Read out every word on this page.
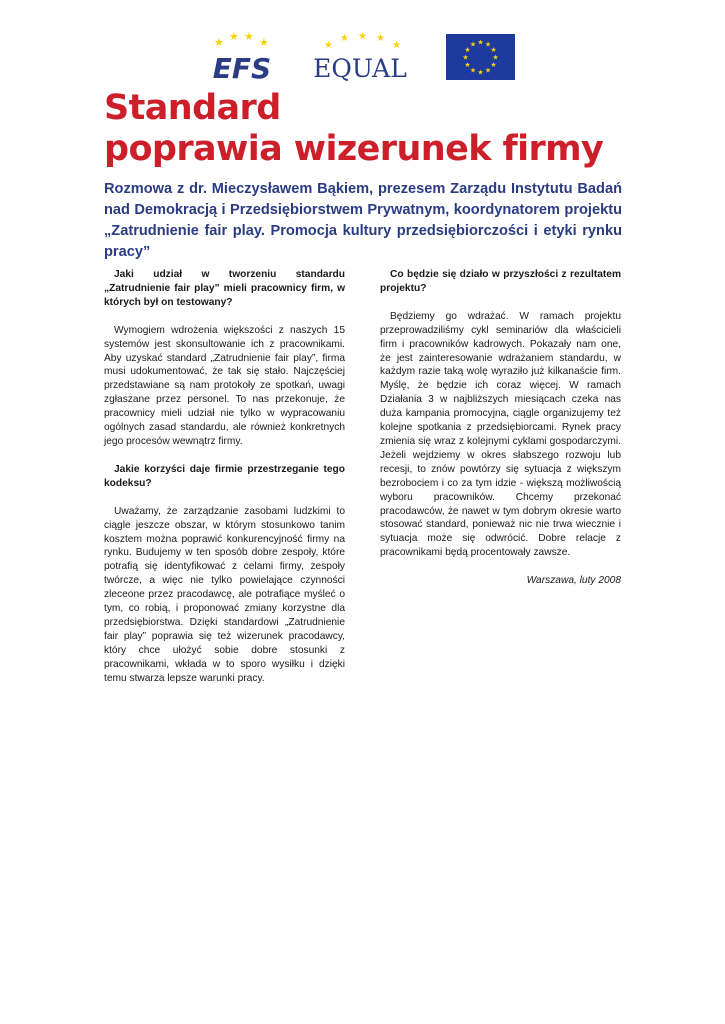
★ ★ ★ ★
EFS
★
★ ★ ★
★
EQUAL
★ ★
★
★
★
★
★
★
★
★
★
★
Standard
poprawia wizerunek firmy

Rozmowa z dr. Mieczysławem Bąkiem, prezesem Zarządu Instytutu Badań nad Demokracją i Przedsiębiorstwem Prywatnym, koordynatorem projektu „Zatrudnienie fair play. Promocja kultury przedsiębiorczości i etyki rynku pracy”

Jaki udział w tworzeniu standardu „Zatrudnienie fair play” mieli pracownicy firm, w których był on testowany?

Wymogiem wdrożenia większości z naszych 15 systemów jest skonsultowanie ich z pracownikami. Aby uzyskać standard „Zatrudnienie fair play”, firma musi udokumentować, że tak się stało. Najczęściej przedstawiane są nam protokoły ze spotkań, uwagi zgłaszane przez personel. To nas przekonuje, że pracownicy mieli udział nie tylko w wypracowaniu ogólnych zasad standardu, ale również konkretnych jego procesów wewnątrz firmy.

Jakie korzyści daje firmie przestrzeganie tego kodeksu?

Uważamy, że zarządzanie zasobami ludzkimi to ciągle jeszcze obszar, w którym stosunkowo tanim kosztem można poprawić konkurencyjność firmy na rynku. Budujemy w ten sposób dobre zespoły, które potrafią się identyfikować z celami firmy, zespoły twórcze, a więc nie tylko powielające czynności zleceone przez pracodawcę, ale potrafiące myśleć o tym, co robią, i proponować zmiany korzystne dla przedsiębiorstwa. Dzięki standardowi „Zatrudnienie fair play” poprawia się też wizerunek pracodawcy, który chce ułożyć sobie dobre stosunki z pracownikami, wkłada w to sporo wysiłku i dzięki temu stwarza lepsze warunki pracy.

Co będzie się działo w przyszłości z rezultatem projektu?

Będziemy go wdrażać. W ramach projektu przeprowadziliśmy cykl seminariów dla właścicieli firm i pracowników kadrowych. Pokazały nam one, że jest zainteresowanie wdrażaniem standardu, w każdym razie taką wolę wyraziło już kilkanaście firm. Myślę, że będzie ich coraz więcej. W ramach Działania 3 w najbliższych miesiącach czeka nas duża kampania promocyjna, ciągle organizujemy też kolejne spotkania z przedsiębiorcami. Rynek pracy zmienia się wraz z kolejnymi cyklami gospodarczymi. Jeżeli wejdziemy w okres słabszego rozwoju lub recesji, to znów powtórzy się sytuacja z większym bezrobociem i co za tym idzie - większą możliwością wyboru pracowników. Chcemy przekonać pracodawców, że nawet w tym dobrym okresie warto stosować standard, ponieważ nic nie trwa wiecznie i sytuacja może się odwrócić. Dobre relacje z pracownikami będą procentowały zawsze.

Warszawa, luty 2008
